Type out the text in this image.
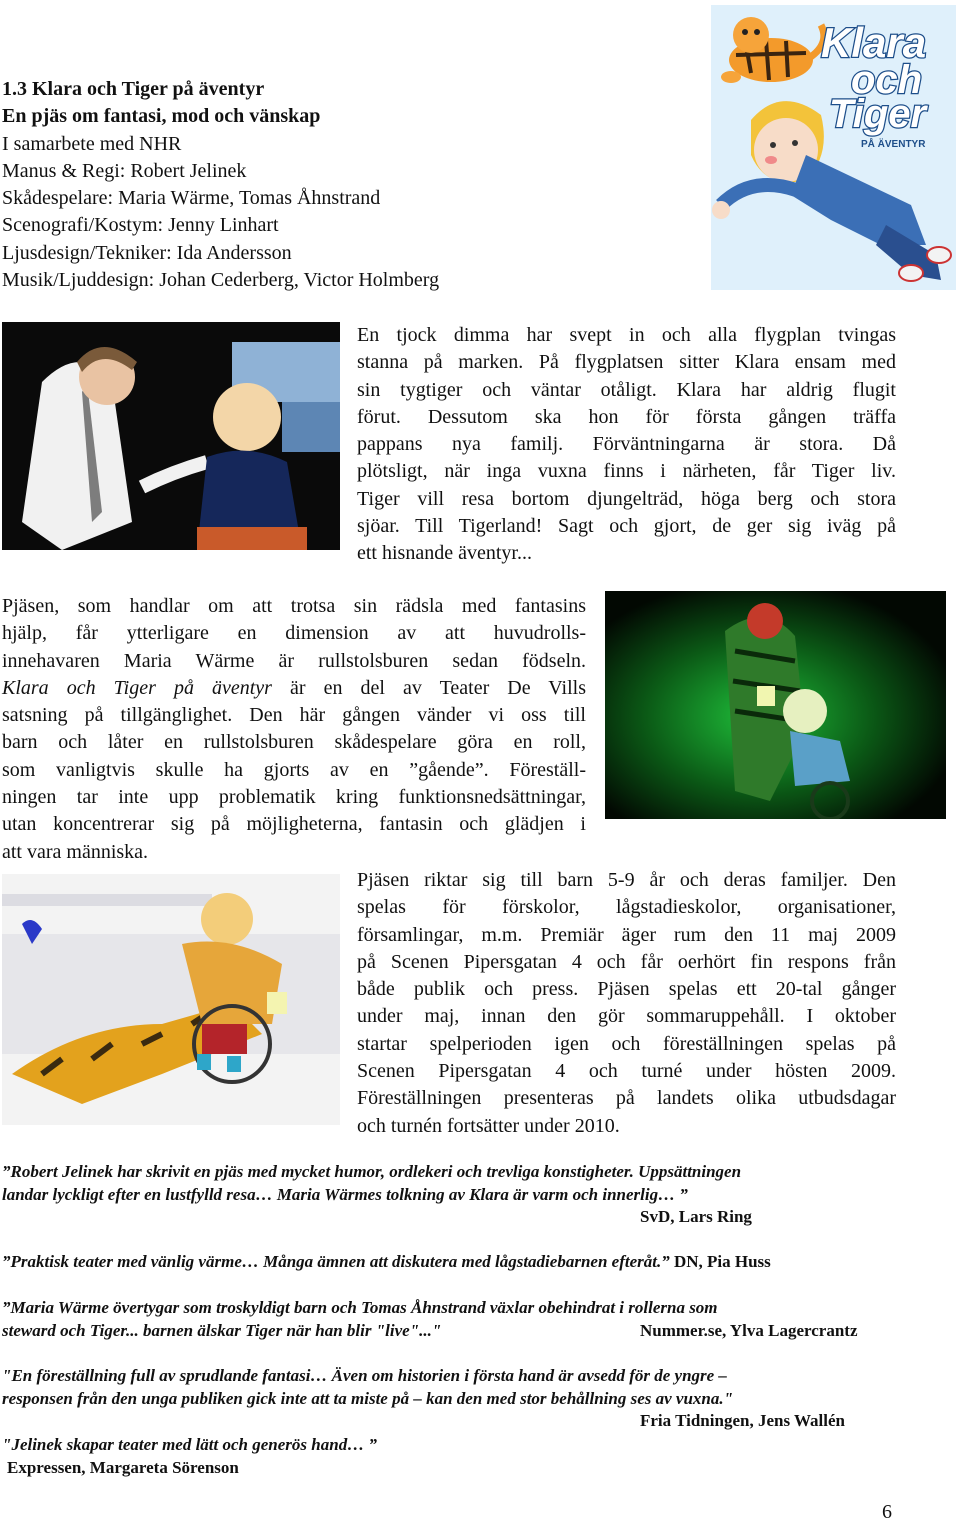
1.3 Klara och Tiger på äventyr
En pjäs om fantasi, mod och vänskap
I samarbete med NHR
Manus & Regi: Robert Jelinek
Skådespelare: Maria Wärme, Tomas Åhnstrand
Scenografi/Kostym: Jenny Linhart
Ljusdesign/Tekniker: Ida Andersson
Musik/Ljuddesign: Johan Cederberg, Victor Holmberg
Klara
och
Tiger
PÅ ÄVENTYR
En tjock dimma har svept in och alla flygplan tvingas
stanna på marken. På flygplatsen sitter Klara ensam med
sin tygtiger och väntar otåligt. Klara har aldrig flugit
förut. Dessutom ska hon för första gången träffa
pappans nya familj. Förväntningarna är stora. Då
plötsligt, när inga vuxna finns i närheten, får Tiger liv.
Tiger vill resa bortom djungelträd, höga berg och stora
sjöar. Till Tigerland! Sagt och gjort, de ger sig iväg på
ett hisnande äventyr...
Pjäsen, som handlar om att trotsa sin rädsla med fantasins
hjälp, får ytterligare en dimension av att huvudrolls-
innehavaren Maria Wärme är rullstolsburen sedan födseln.
Klara och Tiger på äventyr är en del av Teater De Vills
satsning på tillgänglighet. Den här gången vänder vi oss till
barn och låter en rullstolsburen skådespelare göra en roll,
som vanligtvis skulle ha gjorts av en ”gående”. Föreställ-
ningen tar inte upp problematik kring funktionsnedsättningar,
utan koncentrerar sig på möjligheterna, fantasin och glädjen i
att vara människa.
Pjäsen riktar sig till barn 5-9 år och deras familjer. Den
spelas för förskolor, lågstadieskolor, organisationer,
församlingar, m.m. Premiär äger rum den 11 maj 2009
på Scenen Pipersgatan 4 och får oerhört fin respons från
både publik och press. Pjäsen spelas ett 20-tal gånger
under maj, innan den gör sommaruppehåll. I oktober
startar spelperioden igen och föreställningen spelas på
Scenen Pipersgatan 4 och turné under hösten 2009.
Föreställningen presenteras på landets olika utbudsdagar
och turnén fortsätter under 2010.
”Robert Jelinek har skrivit en pjäs med mycket humor, ordlekeri och trevliga konstigheter. Uppsättningen
landar lyckligt efter en lustfylld resa… Maria Wärmes tolkning av Klara är varm och innerlig… ”
SvD, Lars Ring
”Praktisk teater med vänlig värme… Många ämnen att diskutera med lågstadiebarnen efteråt.” DN, Pia Huss
”Maria Wärme övertygar som troskyldigt barn och Tomas Åhnstrand växlar obehindrat i rollerna som
steward och Tiger... barnen älskar Tiger när han blir "live"..."	Nummer.se, Ylva Lagercrantz
"En föreställning full av sprudlande fantasi… Även om historien i första hand är avsedd för de yngre –
responsen från den unga publiken gick inte att ta miste på – kan den med stor behållning ses av vuxna."
Fria Tidningen, Jens Wallén
"Jelinek skapar teater med lätt och generös hand… ”
Expressen, Margareta Sörenson
6
